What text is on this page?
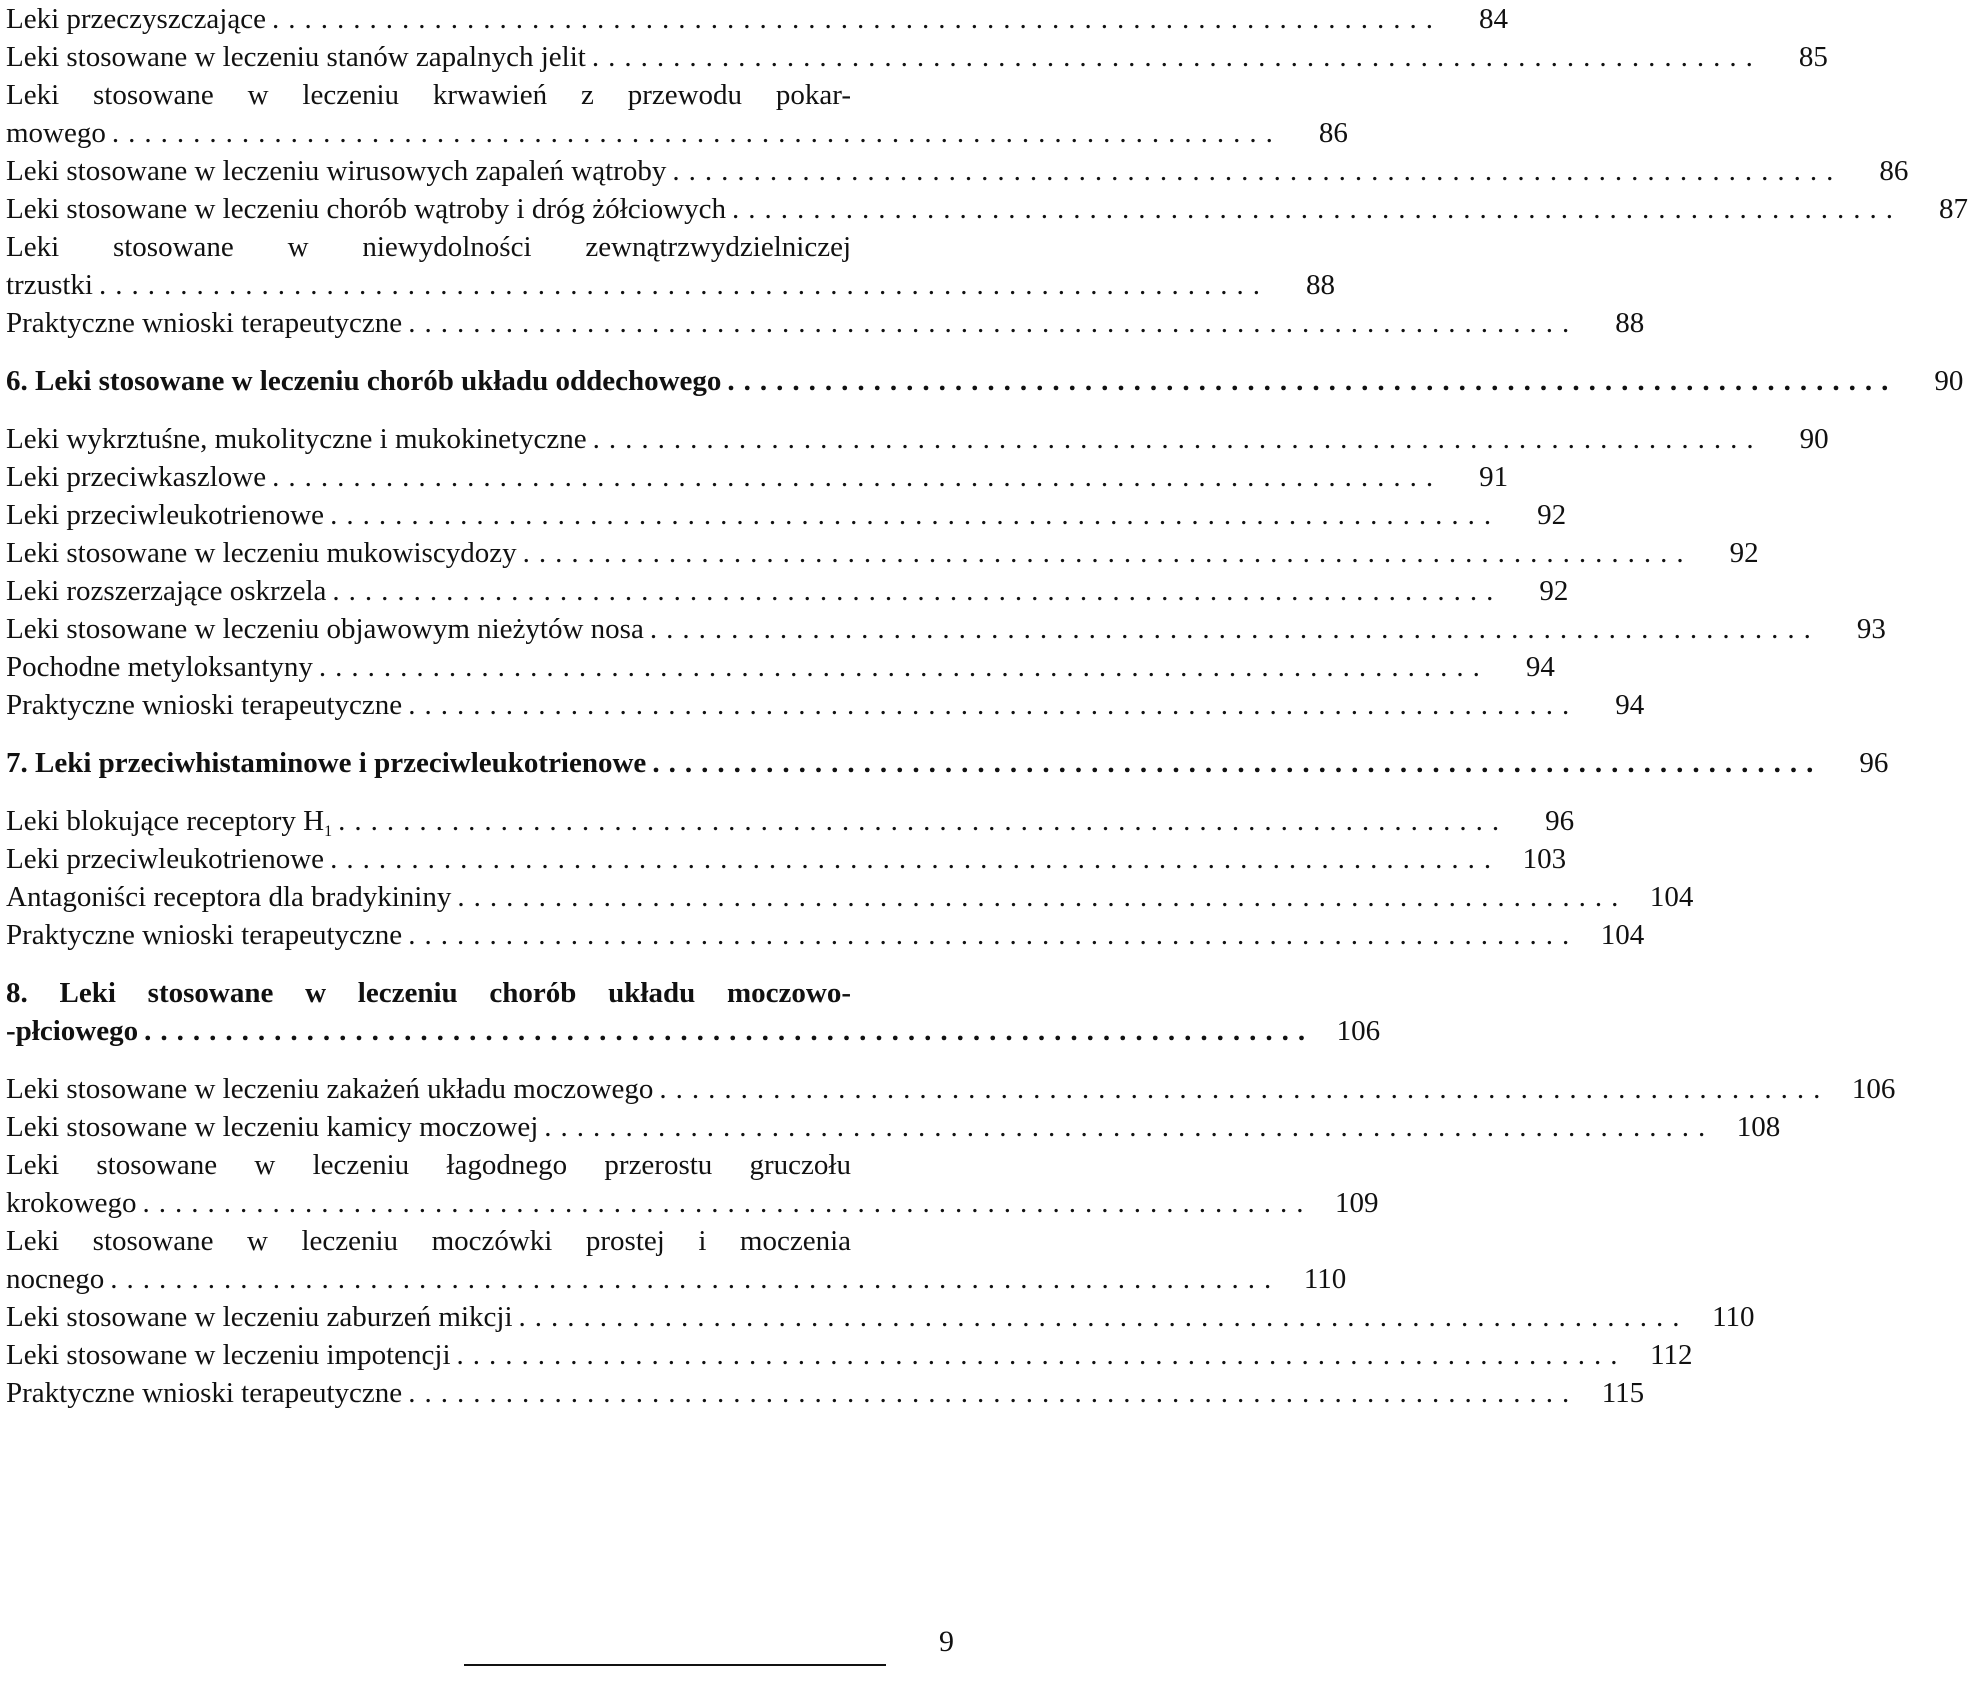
Leki przeczyszczające ........................................................................	84
Leki stosowane w leczeniu stanów zapalnych jelit ........................................................................	85
Leki stosowane w leczeniu krwawień z przewodu pokar-
mowego ........................................................................	86
Leki stosowane w leczeniu wirusowych zapaleń wątroby ........................................................................	86
Leki stosowane w leczeniu chorób wątroby i dróg żółciowych ........................................................................	87
Leki stosowane w niewydolności zewnątrzwydzielniczej
trzustki ........................................................................	88
Praktyczne wnioski terapeutyczne ........................................................................	88
6. Leki stosowane w leczeniu chorób układu oddechowego ........................................................................	90
Leki wykrztuśne, mukolityczne i mukokinetyczne ........................................................................	90
Leki przeciwkaszlowe ........................................................................	91
Leki przeciwleukotrienowe ........................................................................	92
Leki stosowane w leczeniu mukowiscydozy ........................................................................	92
Leki rozszerzające oskrzela ........................................................................	92
Leki stosowane w leczeniu objawowym nieżytów nosa ........................................................................	93
Pochodne metyloksantyny ........................................................................	94
Praktyczne wnioski terapeutyczne ........................................................................	94
7. Leki przeciwhistaminowe i przeciwleukotrienowe ........................................................................	96
Leki blokujące receptory $H_1$ ........................................................................	96
Leki przeciwleukotrienowe ........................................................................ 103
Antagoniści receptora dla bradykininy ........................................................................ 104
Praktyczne wnioski terapeutyczne ........................................................................ 104
8. Leki stosowane w leczeniu chorób układu moczowo-
-płciowego ........................................................................ 106
Leki stosowane w leczeniu zakażeń układu moczowego ........................................................................ 106
Leki stosowane w leczeniu kamicy moczowej ........................................................................ 108
Leki stosowane w leczeniu łagodnego przerostu gruczołu
krokowego ........................................................................ 109
Leki stosowane w leczeniu moczówki prostej i moczenia
nocnego ........................................................................ 110
Leki stosowane w leczeniu zaburzeń mikcji ........................................................................ 110
Leki stosowane w leczeniu impotencji ........................................................................ 112
Praktyczne wnioski terapeutyczne ........................................................................ 115
9
